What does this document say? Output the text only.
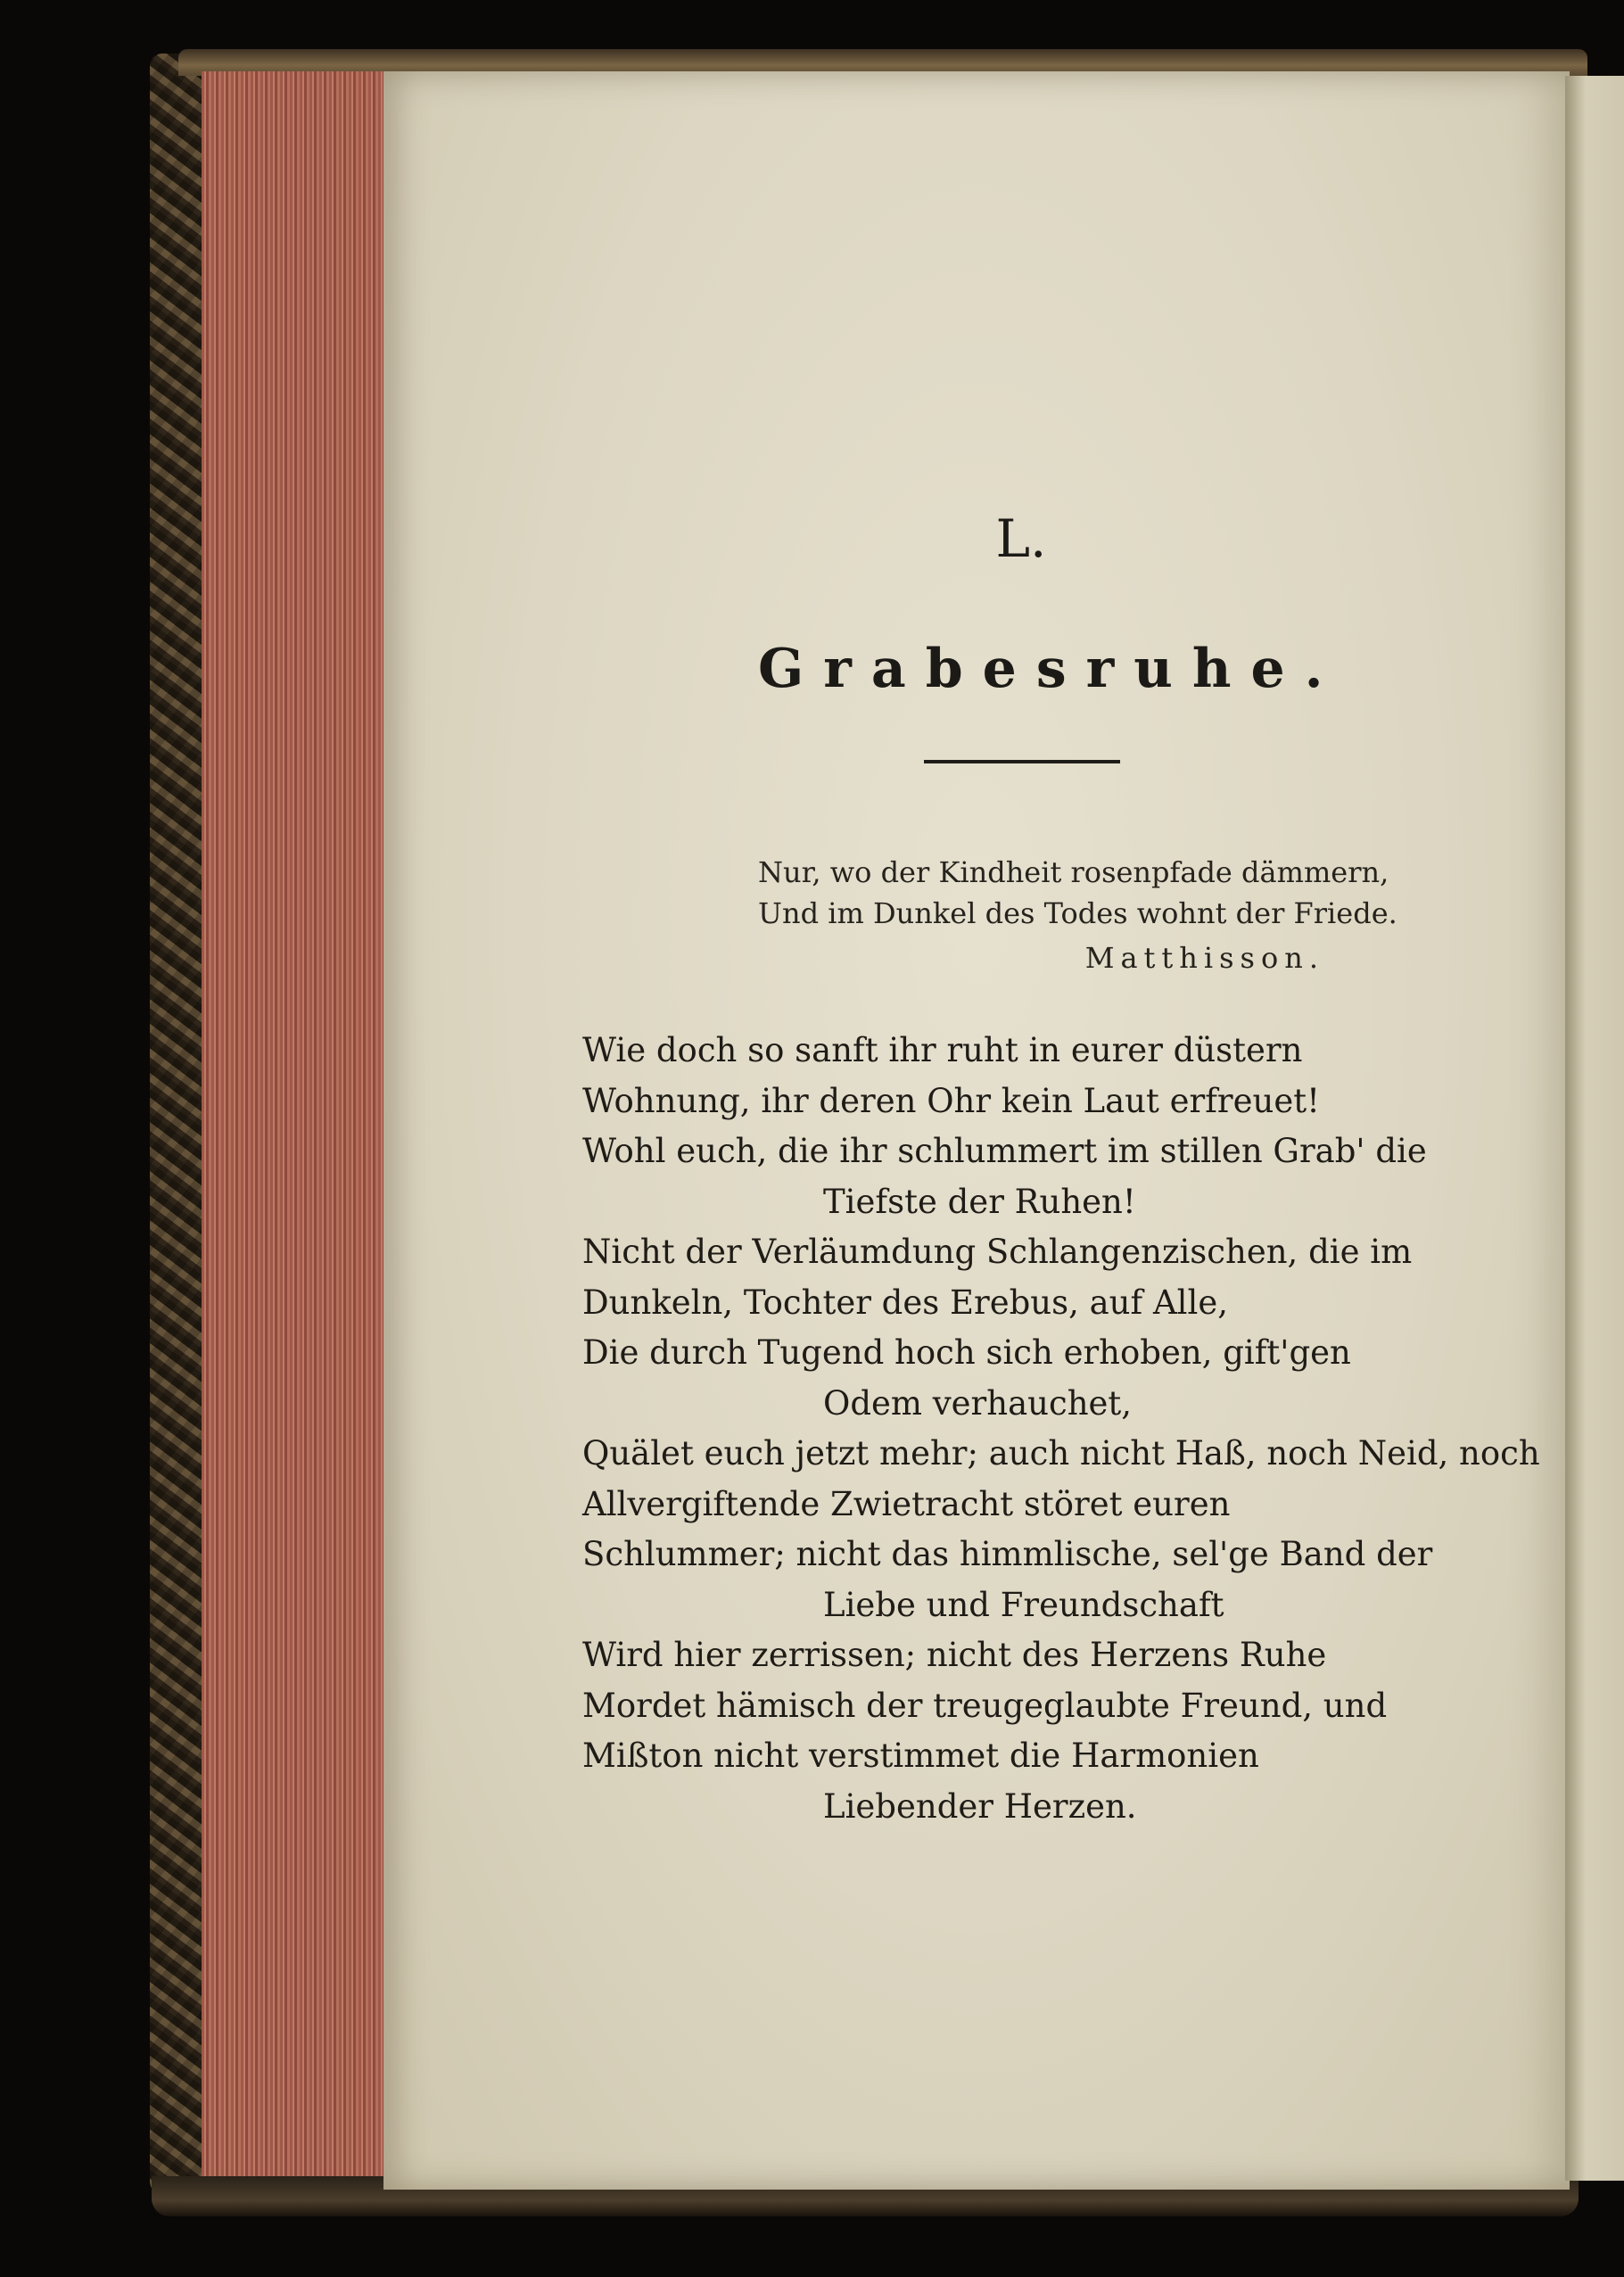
L.
Grabesruhe.
Nur, wo der Kindheit rosenpfade dämmern,
Und im Dunkel des Todes wohnt der Friede.
Matthisson.
Wie doch so sanft ihr ruht in eurer düstern
Wohnung, ihr deren Ohr kein Laut erfreuet!
Wohl euch, die ihr schlummert im stillen Grab' die
Tiefste der Ruhen!
Nicht der Verläumdung Schlangenzischen, die im
Dunkeln, Tochter des Erebus, auf Alle,
Die durch Tugend hoch sich erhoben, gift'gen
Odem verhauchet,
Quälet euch jetzt mehr; auch nicht Haß, noch Neid, noch
Allvergiftende Zwietracht störet euren
Schlummer; nicht das himmlische, sel'ge Band der
Liebe und Freundschaft
Wird hier zerrissen; nicht des Herzens Ruhe
Mordet hämisch der treugeglaubte Freund, und
Mißton nicht verstimmet die Harmonien
Liebender Herzen.
